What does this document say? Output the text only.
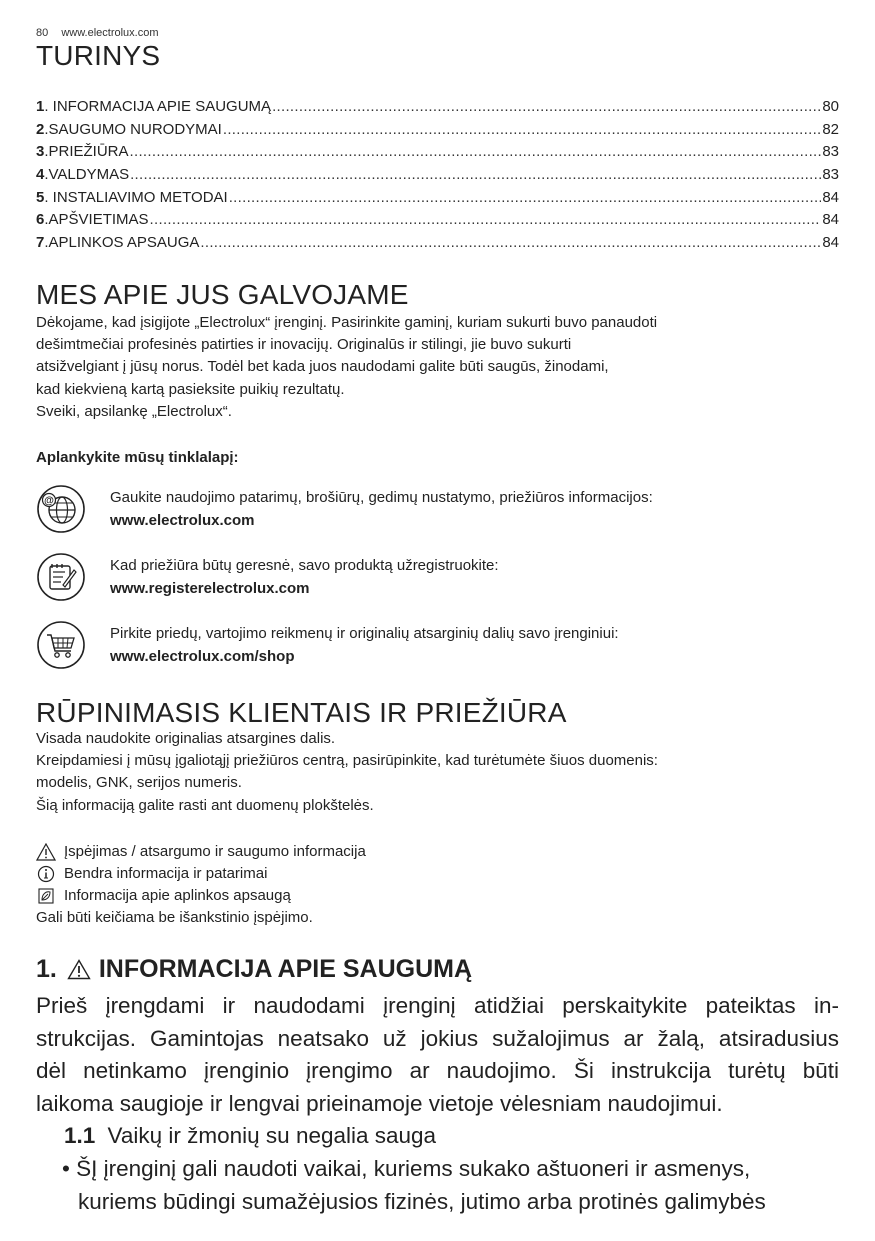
80 www.electrolux.com
TURINYS
1 . INFORMACIJA APIE SAUGUMĄ .....	80
2 .SAUGUMO NURODYMAI .....	82
3 .PRIEŽIŪRA .....	83
4 .VALDYMAS .....	83
5 . INSTALIAVIMO METODAI .....	84
6 .APŠVIETIMAS .....	84
7 .APLINKOS APSAUGA .....	84
MES APIE JUS GALVOJAME
Dėkojame, kad įsigijote „Electrolux“ įrenginį. Pasirinkite gaminį, kuriam sukurti buvo panaudoti
dešimtmečiai profesinės patirties ir inovacijų. Originalūs ir stilingi, jie buvo sukurti
atsižvelgiant į jūsų norus. Todėl bet kada juos naudodami galite būti saugūs, žinodami,
kad kiekvieną kartą pasieksite puikių rezultatų.
Sveiki, apsilankę „Electrolux“.
Aplankykite mūsų tinklalapį:
@	Gaukite naudojimo patarimų, brošiūrų, gedimų nustatymo, priežiūros informacijos:
www.electrolux.com
Kad priežiūra būtų geresnė, savo produktą užregistruokite:
www.registerelectrolux.com
Pirkite priedų, vartojimo reikmenų ir originalių atsarginių dalių savo įrenginiui:
www.electrolux.com/shop
RŪPINIMASIS KLIENTAIS IR PRIEŽIŪRA
Visada naudokite originalias atsargines dalis.
Kreipdamiesi į mūsų įgaliotąjį priežiūros centrą, pasirūpinkite, kad turėtumėte šiuos duomenis:
modelis, GNK, serijos numeris.
Šią informaciją galite rasti ant duomenų plokštelės.
Įspėjimas / atsargumo ir saugumo informacija
Bendra informacija ir patarimai
Informacija apie aplinkos apsaugą
Gali būti keičiama be išankstinio įspėjimo.
1. INFORMACIJA APIE SAUGUMĄ
Prieš įrengdami ir naudodami įrenginį atidžiai perskaitykite pateiktas in-
strukcijas. Gamintojas neatsako už jokius sužalojimus ar žalą, atsiradusius
dėl netinkamo įrenginio įrengimo ar naudojimo. Ši instrukcija turėtų būti
laikoma saugioje ir lengvai prieinamoje vietoje vėlesniam naudojimui.
1.1 Vaikų ir žmonių su negalia sauga
• ŠĮ įrenginį gali naudoti vaikai, kuriems sukako aštuoneri ir asmenys,
kuriems būdingi sumažėjusios fizinės, jutimo arba protinės galimybės
